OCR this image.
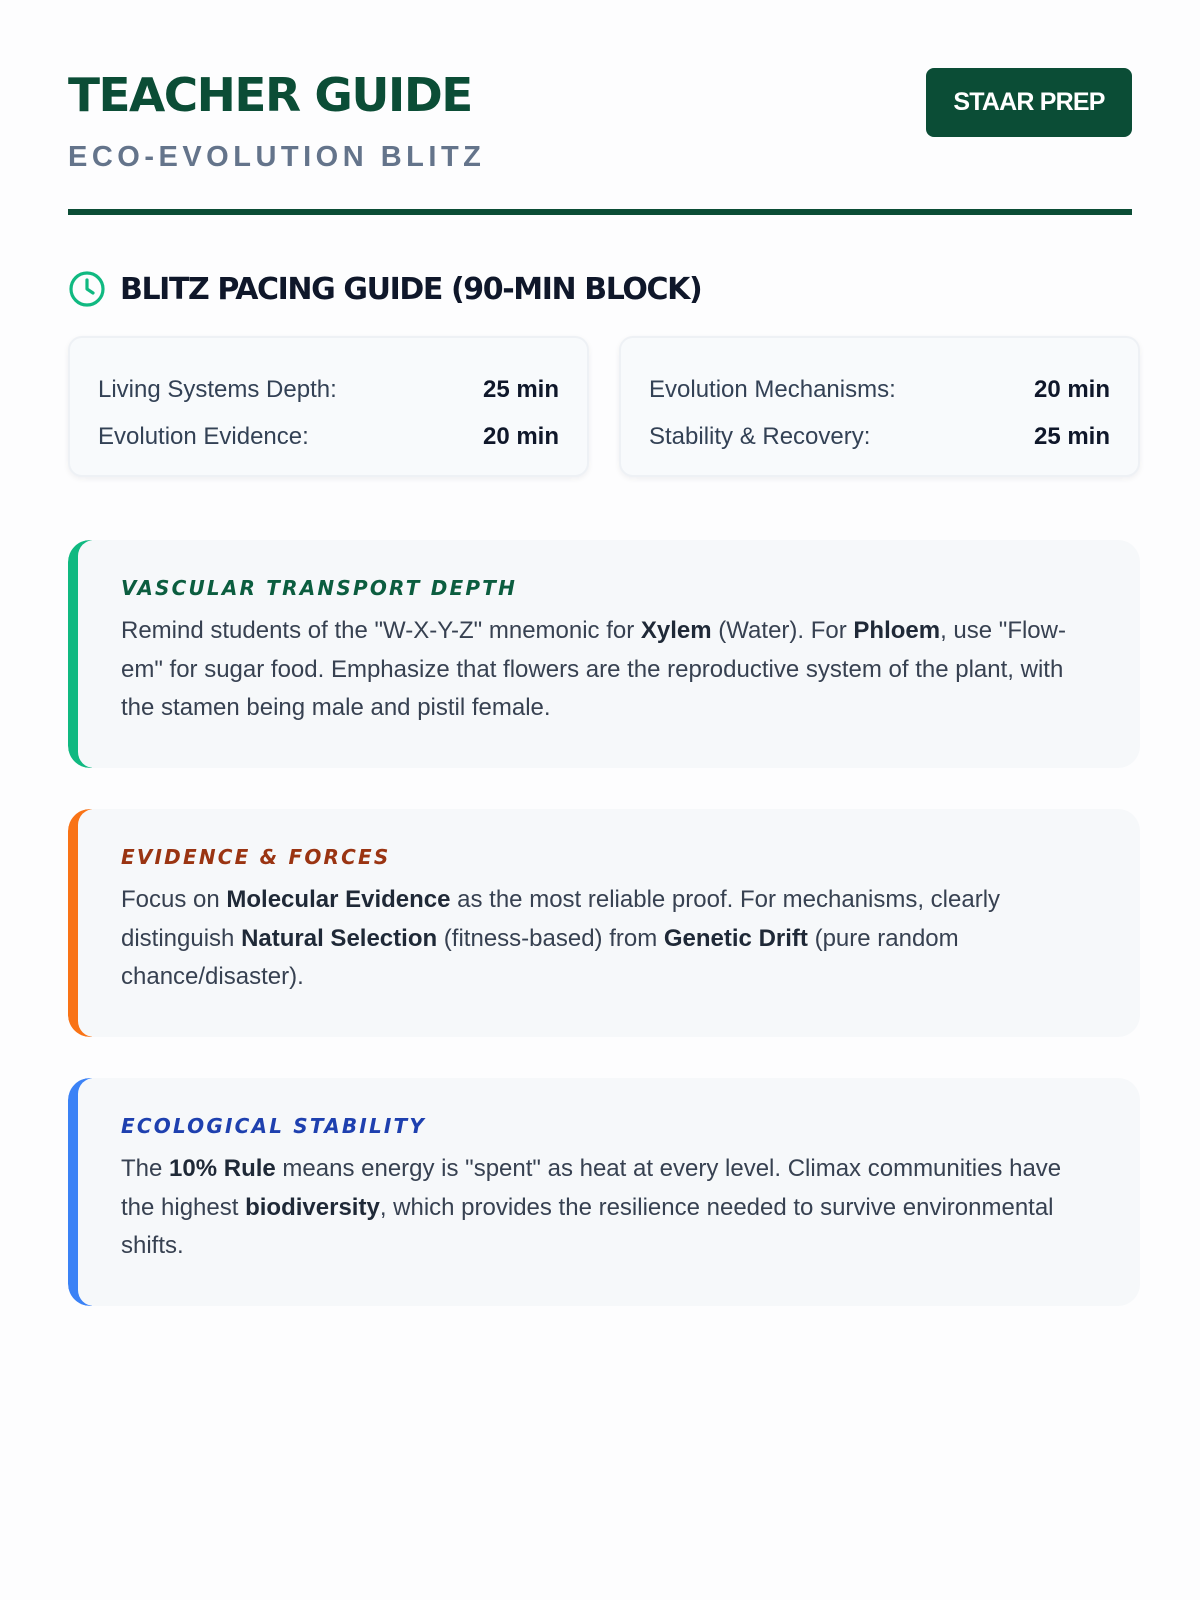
TEACHER GUIDE
ECO-EVOLUTION BLITZ
STAAR PREP
BLITZ PACING GUIDE (90-MIN BLOCK)
Living Systems Depth:	25 min
Evolution Evidence:	20 min
Evolution Mechanisms:	20 min
Stability & Recovery:	25 min
VASCULAR TRANSPORT DEPTH
Remind students of the "W-X-Y-Z" mnemonic for Xylem (Water). For Phloem, use "Flow-em" for sugar food. Emphasize that flowers are the reproductive system of the plant, with the stamen being male and pistil female.
EVIDENCE & FORCES
Focus on Molecular Evidence as the most reliable proof. For mechanisms, clearly distinguish Natural Selection (fitness-based) from Genetic Drift (pure random chance/disaster).
ECOLOGICAL STABILITY
The 10% Rule means energy is "spent" as heat at every level. Climax communities have the highest biodiversity, which provides the resilience needed to survive environmental shifts.
